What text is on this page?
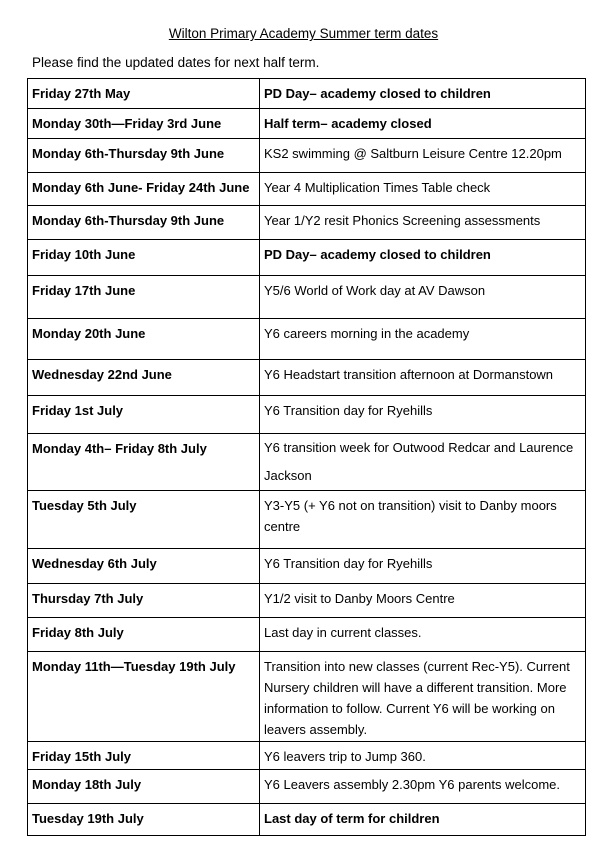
Wilton Primary Academy Summer term dates
Please find the updated dates for next half term.
Friday 27th May	PD Day– academy closed to children
Monday 30th—Friday 3rd June	Half term– academy closed
Monday 6th-Thursday 9th June	KS2 swimming @ Saltburn Leisure Centre 12.20pm
Monday 6th June- Friday 24th June	Year 4 Multiplication Times Table check
Monday 6th-Thursday 9th June	Year 1/Y2 resit Phonics Screening assessments
Friday 10th June	PD Day– academy closed to children
Friday 17th June	Y5/6 World of Work day at AV Dawson
Monday 20th June	Y6 careers morning in the academy
Wednesday 22nd June	Y6 Headstart transition afternoon at Dormanstown
Friday 1st July	Y6 Transition day for Ryehills
Monday 4th– Friday 8th July	Y6 transition week for Outwood Redcar and Laurence Jackson
Tuesday 5th July	Y3-Y5 (+ Y6 not on transition) visit to Danby moors centre
Wednesday 6th July	Y6 Transition day for Ryehills
Thursday 7th July	Y1/2 visit to Danby Moors Centre
Friday 8th July	Last day in current classes.
Monday 11th—Tuesday 19th July	Transition into new classes (current Rec-Y5). Current Nursery children will have a different transition. More information to follow. Current Y6 will be working on leavers assembly.
Friday 15th July	Y6 leavers trip to Jump 360.
Monday 18th July	Y6 Leavers assembly 2.30pm Y6 parents welcome.
Tuesday 19th July	Last day of term for children
